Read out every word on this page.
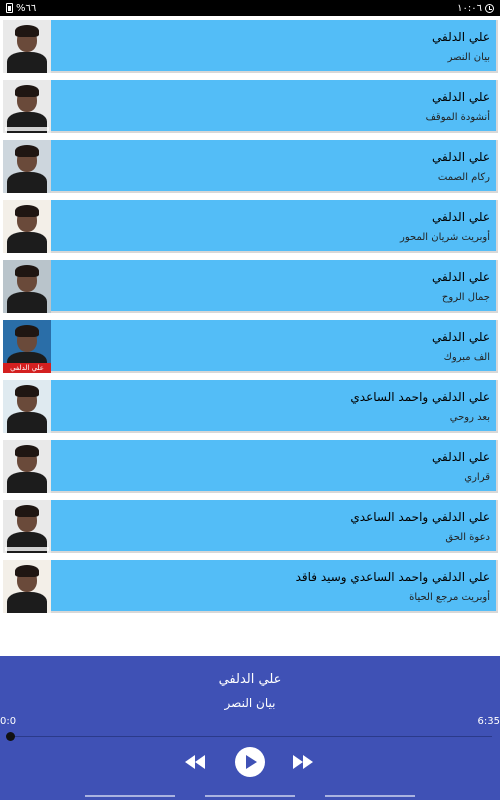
%٦٦	١٠:٠٦
علي الدلفي
بيان النصر
علي الدلفي
أنشودة الموقف
علي الدلفي
ركام الصمت
علي الدلفي
أوبريت شريان المحور
علي الدلفي
جمال الروح
علي الدلفي
علي الدلفي
الف مبروك
علي الدلفي واحمد الساعدي
بعد روحي
علي الدلفي
قراري
علي الدلفي واحمد الساعدي
دعوة الحق
علي الدلفي واحمد الساعدي وسيد فاقد
أوبريت مرجع الحياة
علي الدلفي
بيان النصر
0:0	6:35
